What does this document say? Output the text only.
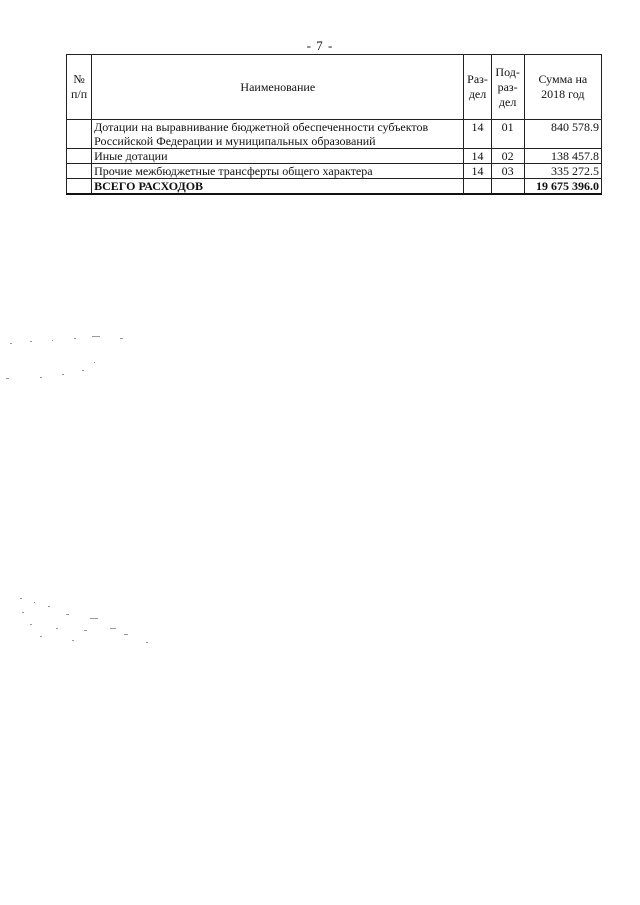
- 7 -
№ п/п	Наименование	Раз- дел	Под- раз- дел	Сумма на 2018 год
	Дотации на выравнивание бюджетной обеспеченности субъектов Российской Федерации и муниципальных образований	14	01	840 578.9
	Иные дотации	14	02	138 457.8
	Прочие межбюджетные трансферты общего характера	14	03	335 272.5
	ВСЕГО РАСХОДОВ			19 675 396.0
